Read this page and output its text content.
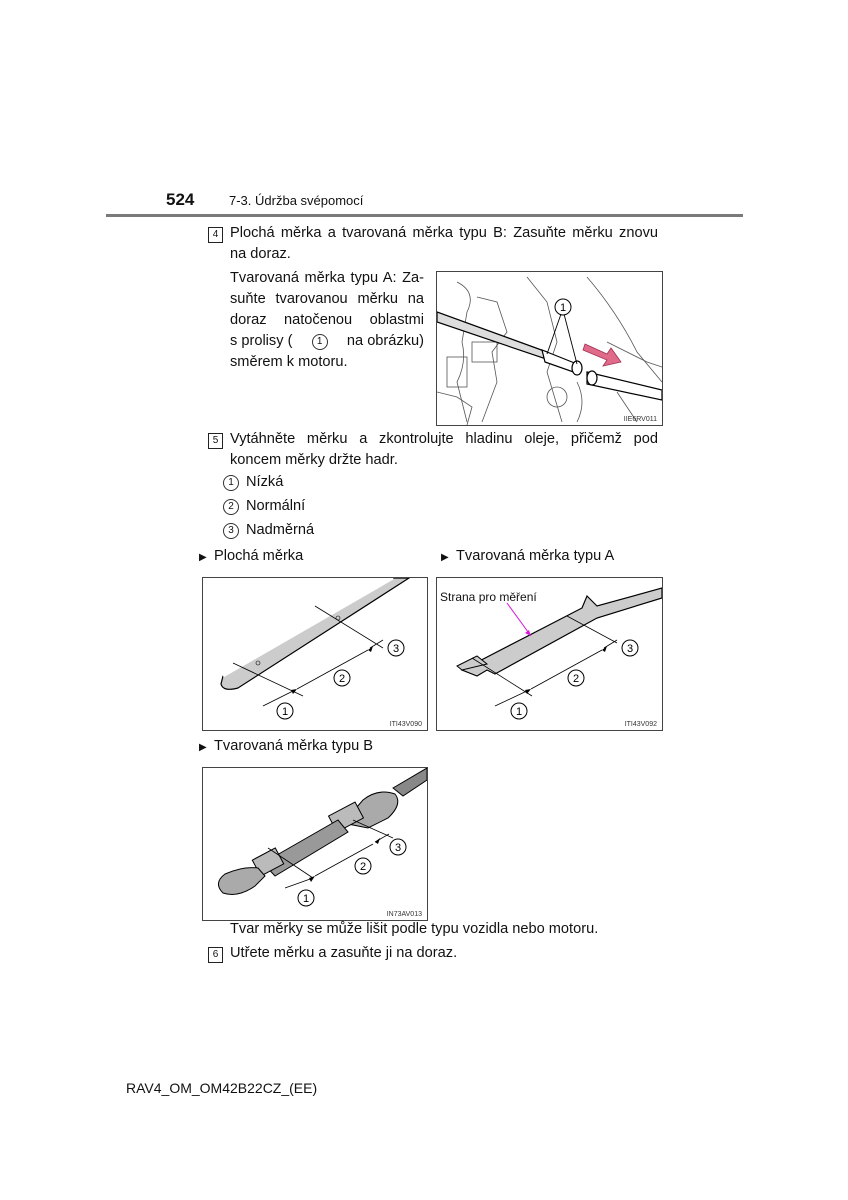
524	7-3. Údržba svépomocí
4 Plochá měrka a tvarovaná měrka typu B: Zasuňte měrku znovu na doraz.
Tvarovaná měrka typu A: Za-
suňte tvarovanou měrku na
doraz natočenou oblastmi
s prolisy (	1	na obrázku)
směrem k motoru.
1
IIE6RV011
5 Vytáhněte měrku a zkontrolujte hladinu oleje, přičemž pod koncem měrky držte hadr.
1 Nízká
2 Normální
3 Nadměrná
▶ Plochá měrka
1
2
3
ITI43V090
▶ Tvarovaná měrka typu A
1
2
3
Strana pro měření
ITI43V092
▶ Tvarovaná měrka typu B
1
2
3
IN73AV013
Tvar měrky se může lišit podle typu vozidla nebo motoru.
6 Utřete měrku a zasuňte ji na doraz.
RAV4_OM_OM42B22CZ_(EE)
